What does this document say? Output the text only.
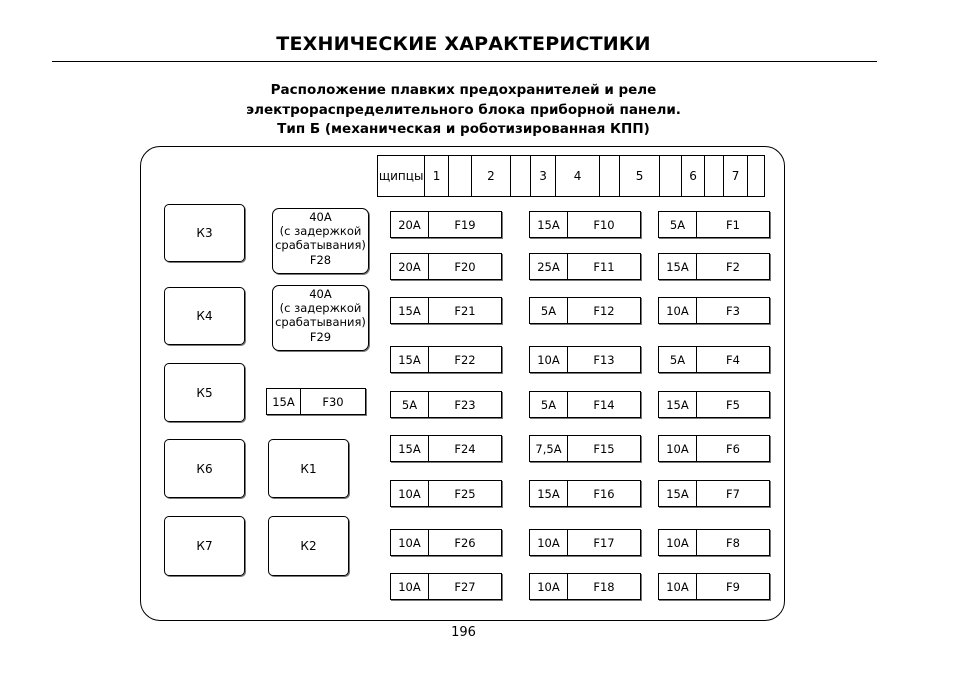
ТЕХНИЧЕСКИЕ ХАРАКТЕРИСТИКИ
Расположение плавких предохранителей и реле
электрораспределительного блока приборной панели.
Тип Б (механическая и роботизированная КПП)
щипцы 1	2	3	4	5	6	7
К3
К4
К5
К6
К7
К1
К2
40А
(с задержкой
срабатывания)
F28
40А
(с задержкой
срабатывания)
F29
15А	F30
20А	F19
20А	F20
15А	F21
15А	F22
5А	F23
15А	F24
10А	F25
10А	F26
10А	F27
15А	F10
25А	F11
5А	F12
10А	F13
5А	F14
7,5А	F15
15А	F16
10А	F17
10А	F18
5А	F1
15А	F2
10А	F3
5А	F4
15А	F5
10А	F6
15А	F7
10А	F8
10А	F9
196
